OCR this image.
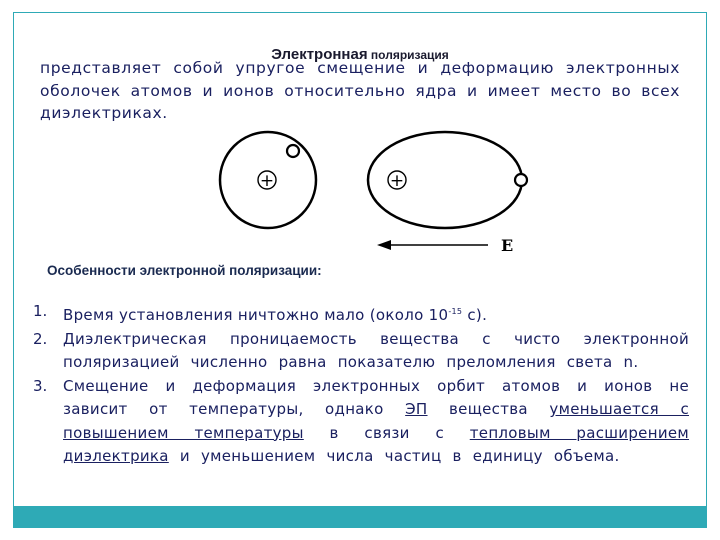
Электронная поляризация

представляет собой упругое смещение и деформацию электронных оболочек атомов и ионов относительно ядра и имеет место во всех диэлектриках.

+	+
E
Особенности электронной поляризации:
1.	Время установления ничтожно мало (около $10^{-15}$ с).
2.	Диэлектрическая проницаемость вещества с чисто электронной поляризацией численно равна показателю преломления света n.
3.	Смещение и деформация электронных орбит атомов и ионов не зависит от температуры, однако ЭП вещества уменьшается с повышением температуры в связи с тепловым расширением диэлектрика и уменьшением числа частиц в единицу объема.
